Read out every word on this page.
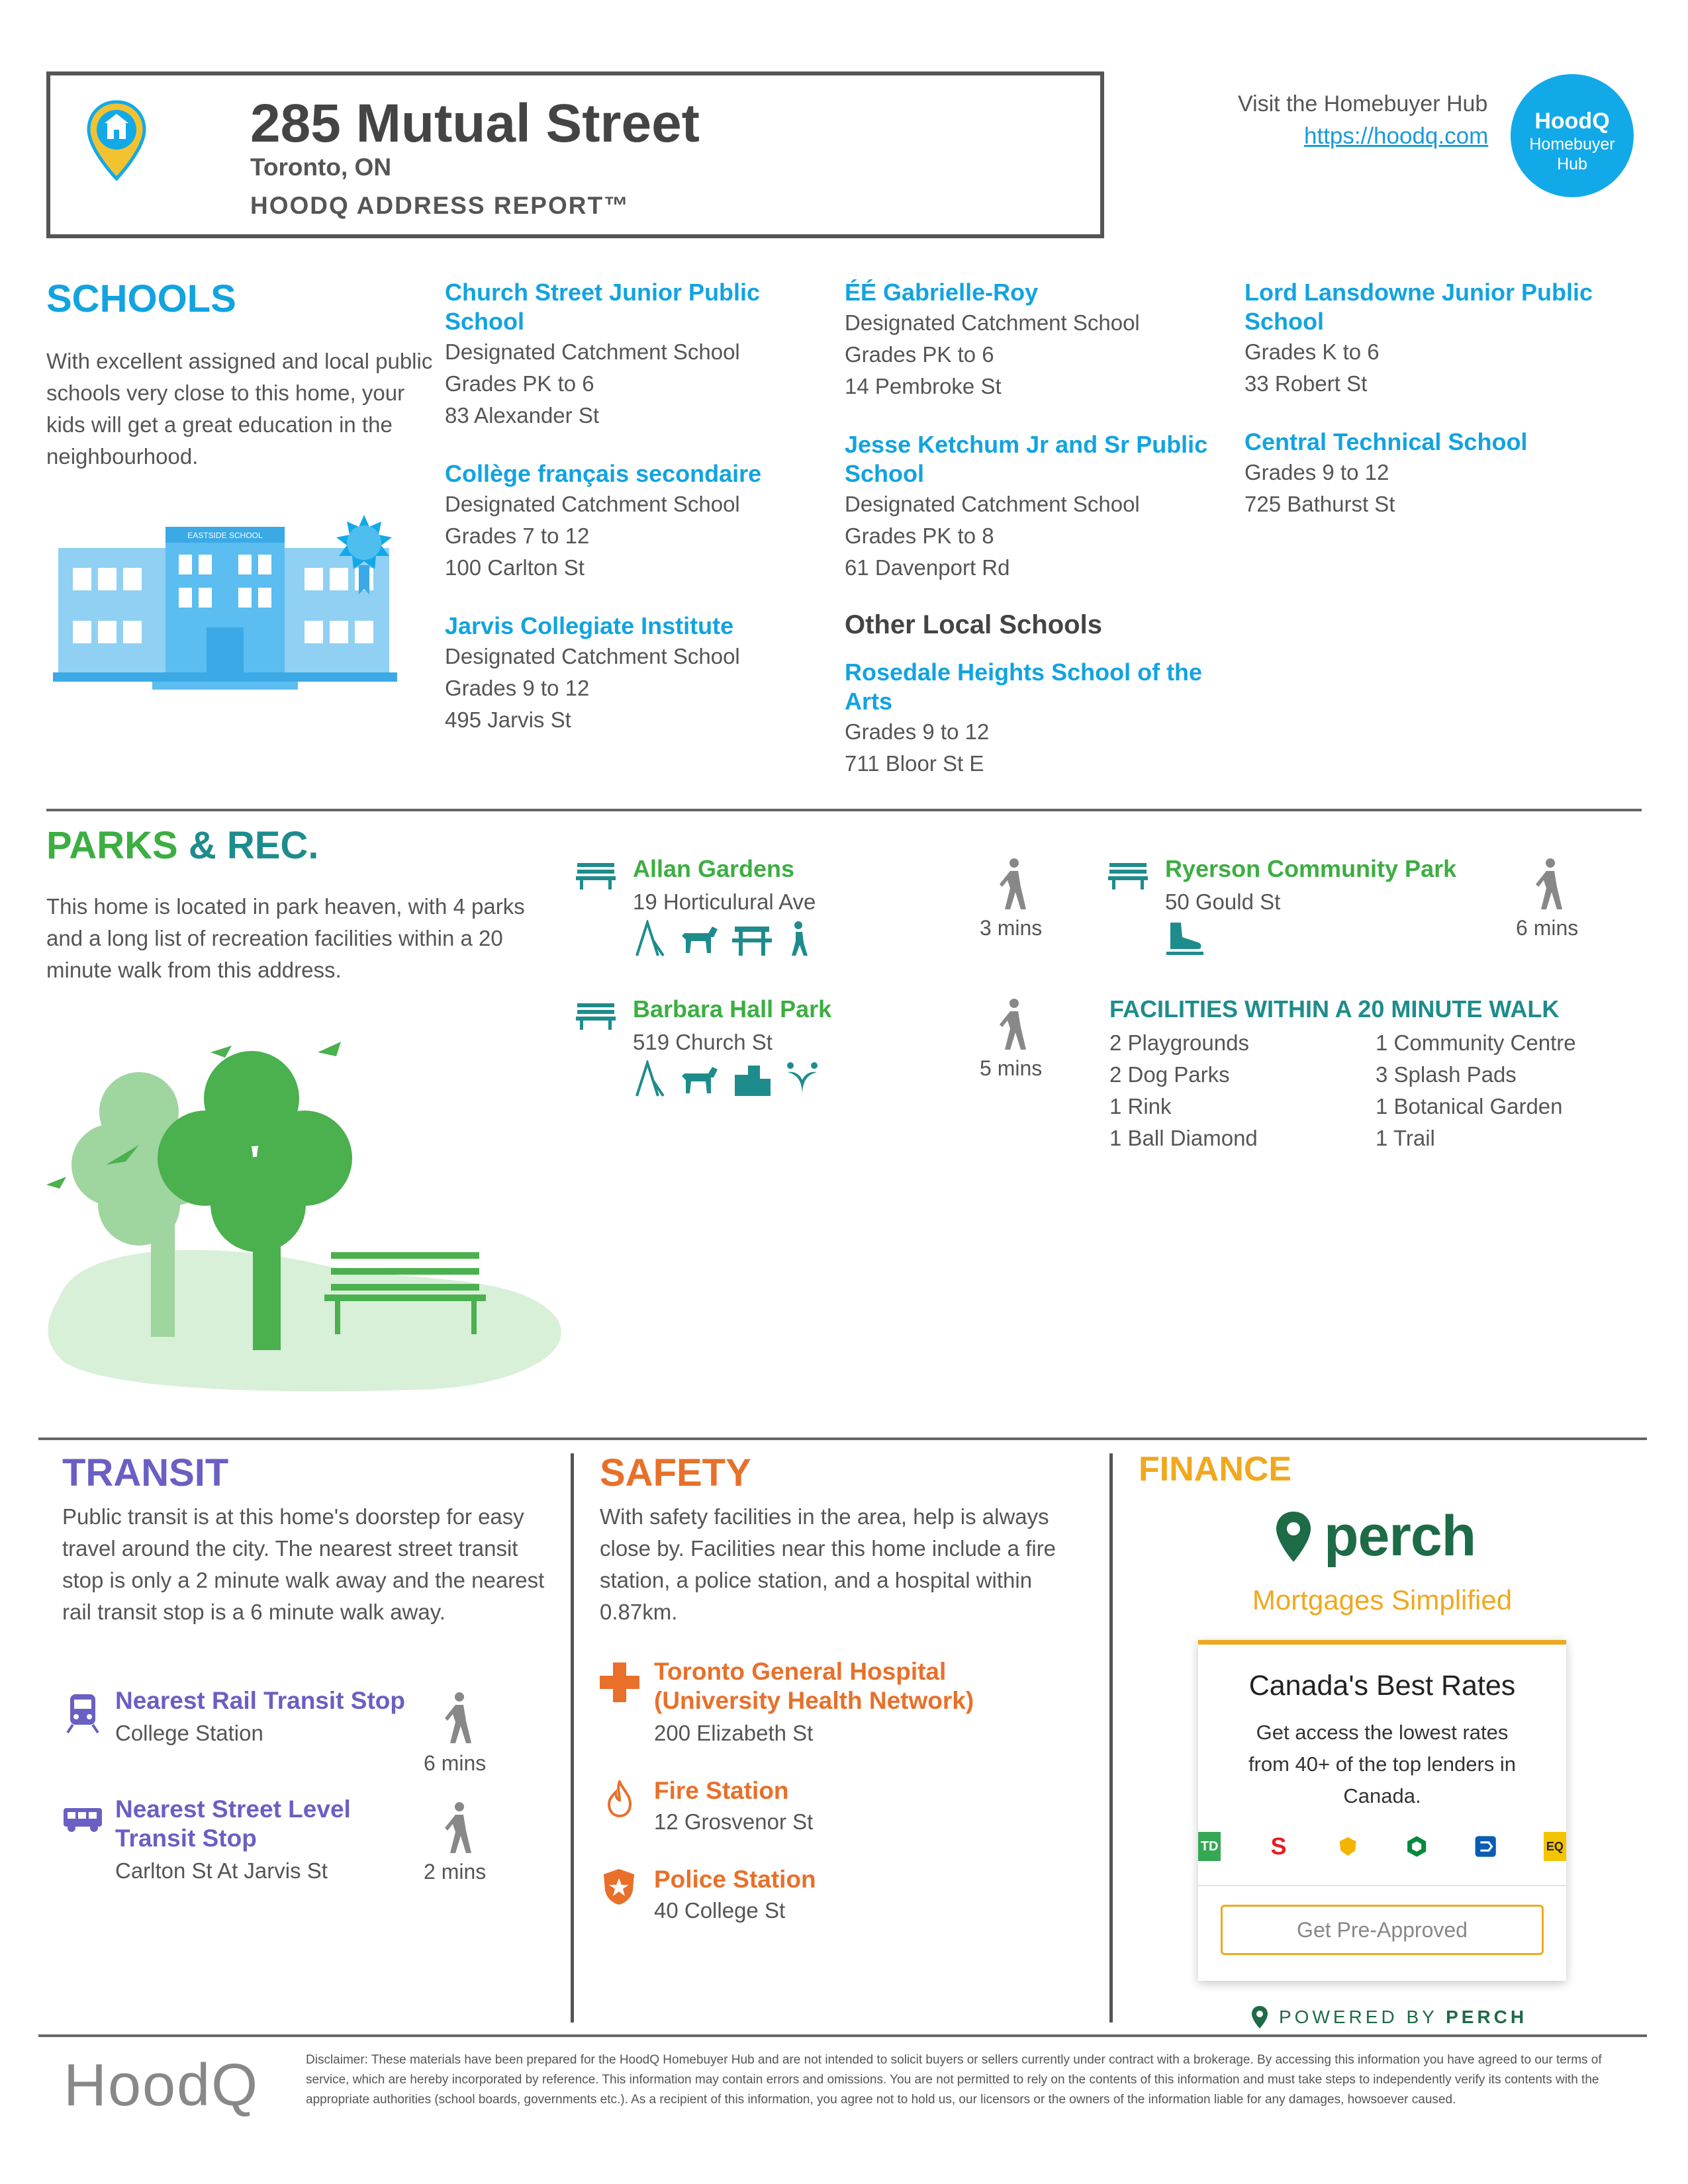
285 Mutual Street
Toronto, ON
HOODQ ADDRESS REPORT™
Visit the Homebuyer Hub
https://hoodq.com
HoodQ
Homebuyer
Hub
SCHOOLS
With excellent assigned and local public schools very close to this home, your kids will get a great education in the neighbourhood.
EASTSIDE SCHOOL
Church Street Junior Public School
Designated Catchment School
Grades PK to 6
83 Alexander St
Collège français secondaire
Designated Catchment School
Grades 7 to 12
100 Carlton St
Jarvis Collegiate Institute
Designated Catchment School
Grades 9 to 12
495 Jarvis St
ÉÉ Gabrielle-Roy
Designated Catchment School
Grades PK to 6
14 Pembroke St
Jesse Ketchum Jr and Sr Public School
Designated Catchment School
Grades PK to 8
61 Davenport Rd
Other Local Schools
Rosedale Heights School of the Arts
Grades 9 to 12
711 Bloor St E
Lord Lansdowne Junior Public School
Grades K to 6
33 Robert St
Central Technical School
Grades 9 to 12
725 Bathurst St
PARKS & REC.
This home is located in park heaven, with 4 parks and a long list of recreation facilities within a 20 minute walk from this address.
Allan Gardens
19 Horticulural Ave
3 mins
Barbara Hall Park
519 Church St
5 mins
Ryerson Community Park
50 Gould St
6 mins
FACILITIES WITHIN A 20 MINUTE WALK
2 Playgrounds
2 Dog Parks
1 Rink
1 Ball Diamond
1 Community Centre
3 Splash Pads
1 Botanical Garden
1 Trail
TRANSIT
Public transit is at this home's doorstep for easy travel around the city. The nearest street transit stop is only a 2 minute walk away and the nearest rail transit stop is a 6 minute walk away.
Nearest Rail Transit Stop
College Station
6 mins
Nearest Street Level Transit Stop
Carlton St At Jarvis St	2 mins
SAFETY
With safety facilities in the area, help is always close by. Facilities near this home include a fire station, a police station, and a hospital within 0.87km.
Toronto General Hospital (University Health Network)
200 Elizabeth St
Fire Station
12 Grosvenor St
Police Station
40 College St
FINANCE
perch
Mortgages Simplified
Canada's Best Rates
Get access the lowest rates from 40+ of the top lenders in Canada.
TD S	EQ
Get Pre-Approved
POWERED BY PERCH
HoodQ	Disclaimer: These materials have been prepared for the HoodQ Homebuyer Hub and are not intended to solicit buyers or sellers currently under contract with a brokerage. By accessing this information you have agreed to our terms of service, which are hereby incorporated by reference. This information may contain errors and omissions. You are not permitted to rely on the contents of this information and must take steps to independently verify its contents with the appropriate authorities (school boards, governments etc.). As a recipient of this information, you agree not to hold us, our licensors or the owners of the information liable for any damages, howsoever caused.
